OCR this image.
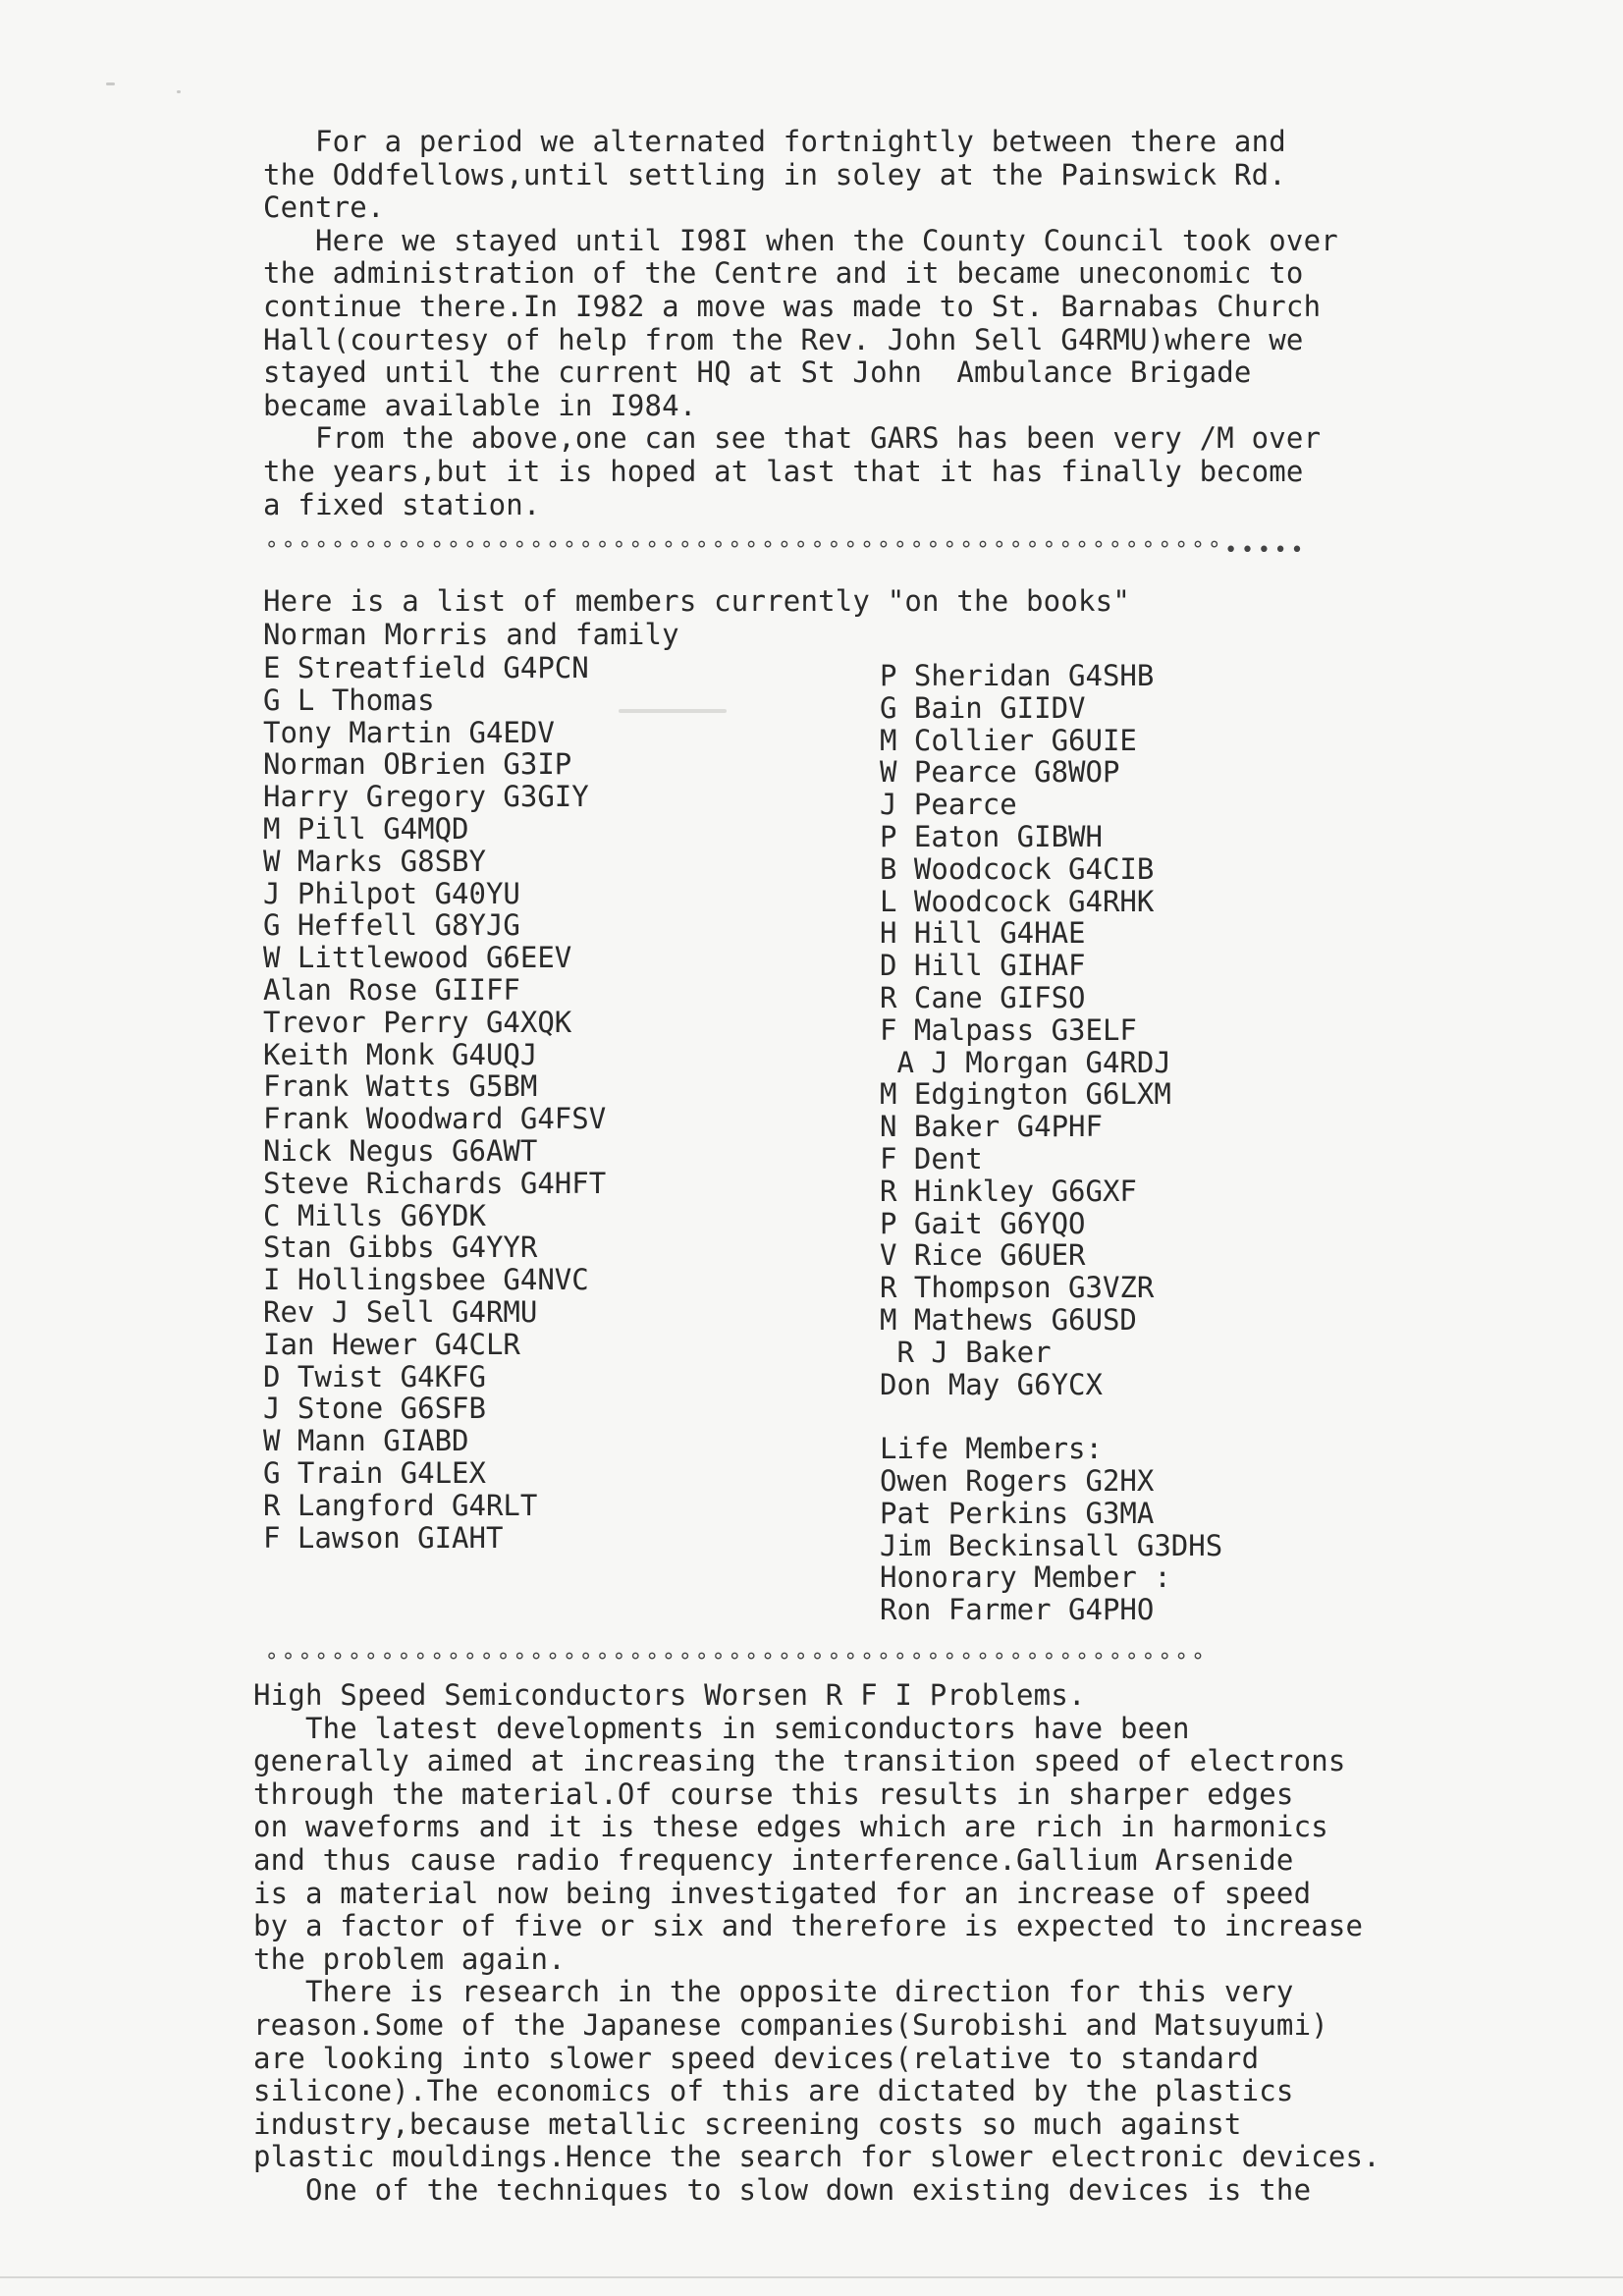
For a period we alternated fortnightly between there and
the Oddfellows,until settling in soley at the Painswick Rd.
Centre.
Here we stayed until I98I when the County Council took over
the administration of the Centre and it became uneconomic to
continue there.In I982 a move was made to St. Barnabas Church
Hall(courtesy of help from the Rev. John Sell G4RMU)where we
stayed until the current HQ at St John  Ambulance Brigade
became available in I984.
From the above,one can see that GARS has been very /M over
the years,but it is hoped at last that it has finally become
a fixed station.
°°°°°°°°°°°°°°°°°°°°°°°°°°°°°°°°°°°°°°°°°°°°°°°°°°°°°°°°°°•••••
Here is a list of members currently "on the books"
Norman Morris and family
E Streatfield G4PCN
G L Thomas
Tony Martin G4EDV
Norman OBrien G3IP
Harry Gregory G3GIY
M Pill G4MQD
W Marks G8SBY
J Philpot G40YU
G Heffell G8YJG
W Littlewood G6EEV
Alan Rose GIIFF
Trevor Perry G4XQK
Keith Monk G4UQJ
Frank Watts G5BM
Frank Woodward G4FSV
Nick Negus G6AWT
Steve Richards G4HFT
C Mills G6YDK
Stan Gibbs G4YYR
I Hollingsbee G4NVC
Rev J Sell G4RMU
Ian Hewer G4CLR
D Twist G4KFG
J Stone G6SFB
W Mann GIABD
G Train G4LEX
R Langford G4RLT
F Lawson GIAHT
P Sheridan G4SHB
G Bain GIIDV
M Collier G6UIE
W Pearce G8WOP
J Pearce
P Eaton GIBWH
B Woodcock G4CIB
L Woodcock G4RHK
H Hill G4HAE
D Hill GIHAF
R Cane GIFSO
F Malpass G3ELF
A J Morgan G4RDJ
M Edgington G6LXM
N Baker G4PHF
F Dent
R Hinkley G6GXF
P Gait G6YQO
V Rice G6UER
R Thompson G3VZR
M Mathews G6USD
R J Baker
Don May G6YCX

Life Members:
Owen Rogers G2HX
Pat Perkins G3MA
Jim Beckinsall G3DHS
Honorary Member :
Ron Farmer G4PHO
°°°°°°°°°°°°°°°°°°°°°°°°°°°°°°°°°°°°°°°°°°°°°°°°°°°°°°°°°
High Speed Semiconductors Worsen R F I Problems.
The latest developments in semiconductors have been
generally aimed at increasing the transition speed of electrons
through the material.Of course this results in sharper edges
on waveforms and it is these edges which are rich in harmonics
and thus cause radio frequency interference.Gallium Arsenide
is a material now being investigated for an increase of speed
by a factor of five or six and therefore is expected to increase
the problem again.
There is research in the opposite direction for this very
reason.Some of the Japanese companies(Surobishi and Matsuyumi)
are looking into slower speed devices(relative to standard
silicone).The economics of this are dictated by the plastics
industry,because metallic screening costs so much against
plastic mouldings.Hence the search for slower electronic devices.
One of the techniques to slow down existing devices is the
